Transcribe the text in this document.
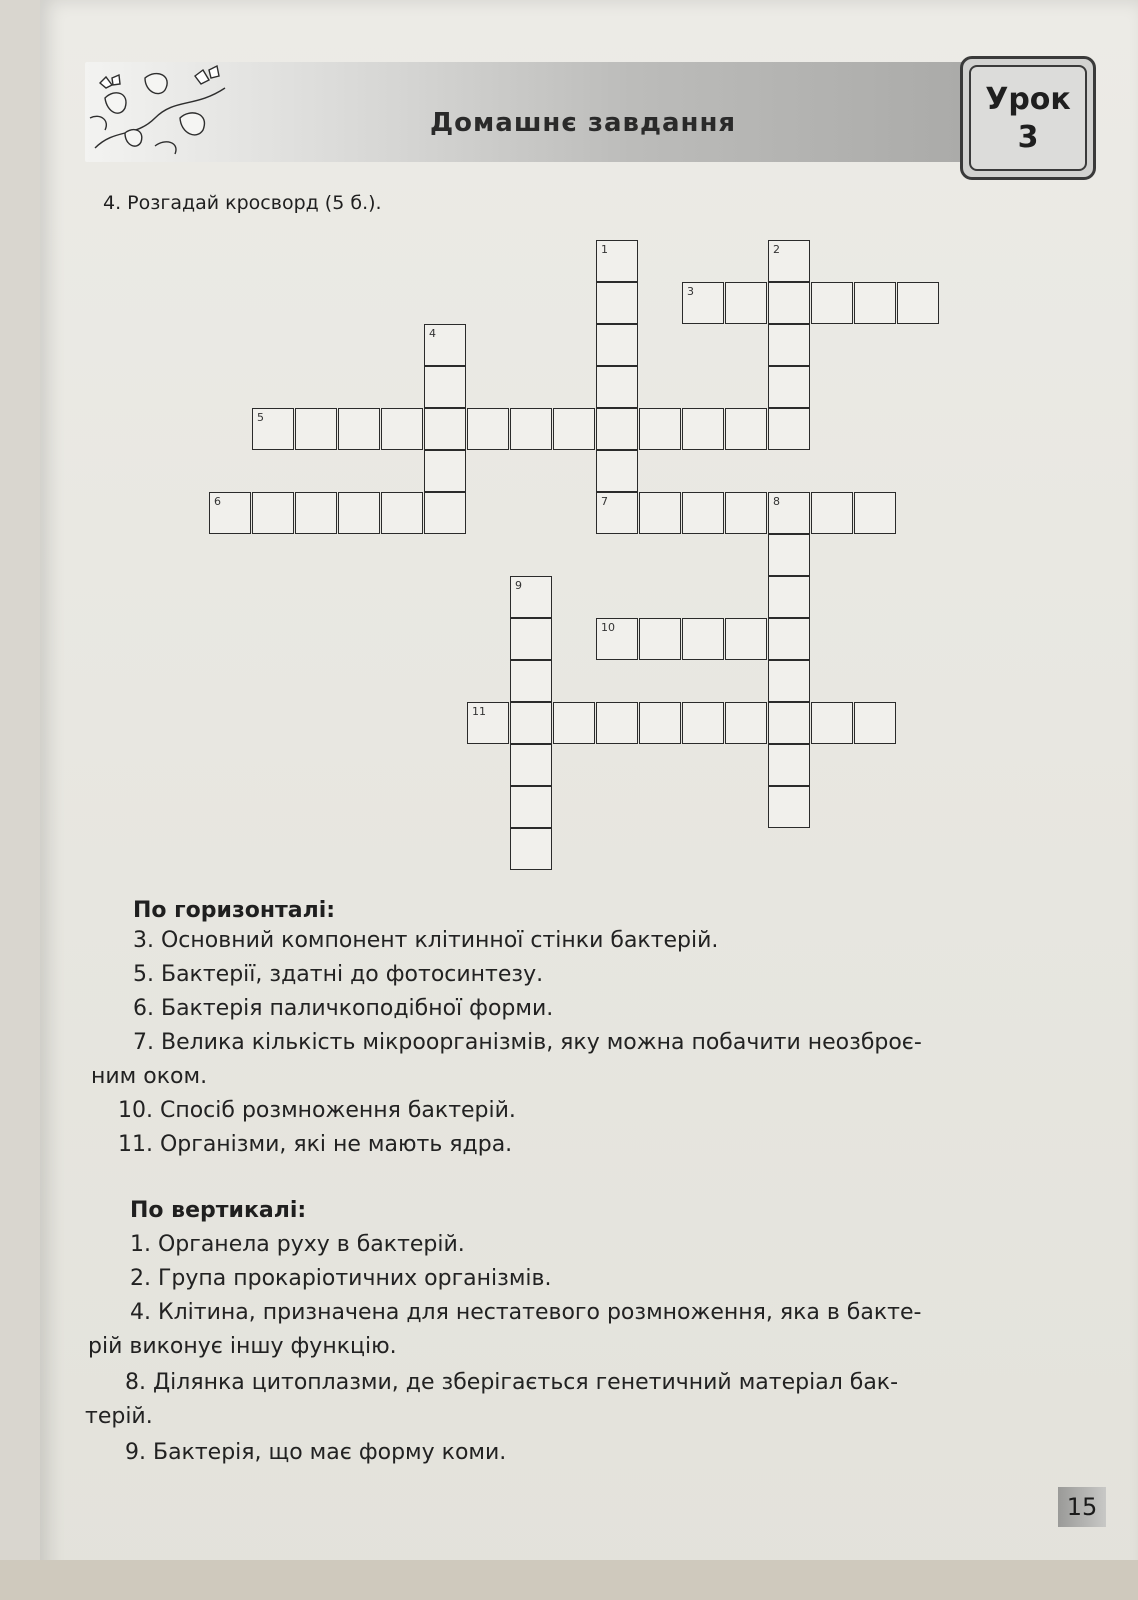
Домашнє завдання
Урок
3
4. Розгадай кросворд (5 б.).
1
7
2
3
4
5
6	8
9
10
11
По горизонталі:
3. Основний компонент клітинної стінки бактерій.
5. Бактерії, здатні до фотосинтезу.
6. Бактерія паличкоподібної форми.
7. Велика кількість мікроорганізмів, яку можна побачити неозброє-
ним оком.
10. Спосіб розмноження бактерій.
11. Організми, які не мають ядра.
По вертикалі:
1. Органела руху в бактерій.
2. Група прокаріотичних організмів.
4. Клітина, призначена для нестатевого розмноження, яка в бакте-
рій виконує іншу функцію.
8. Ділянка цитоплазми, де зберігається генетичний матеріал бак-
терій.
9. Бактерія, що має форму коми.
15
